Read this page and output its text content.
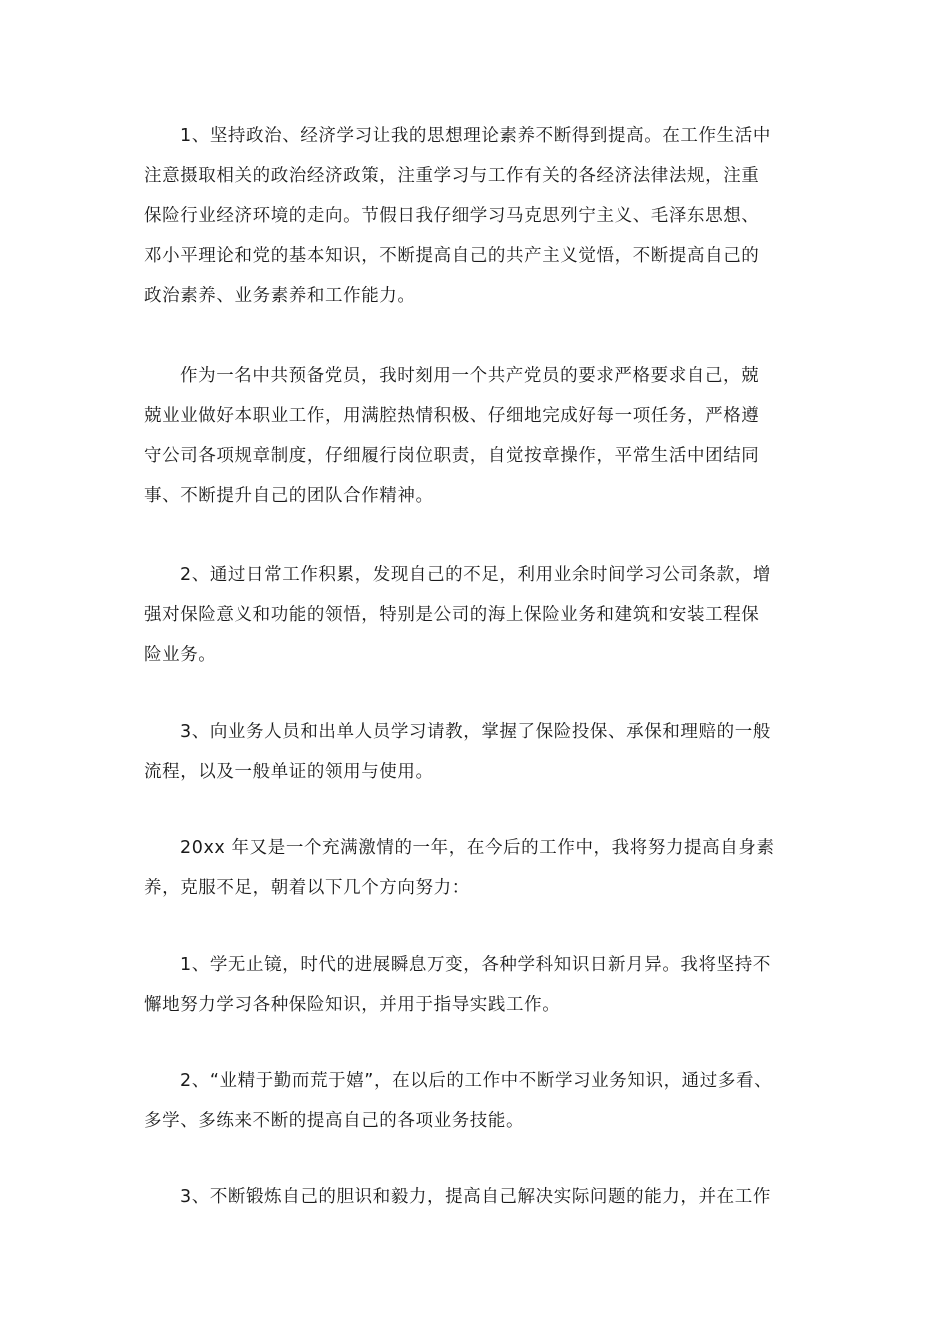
1、坚持政治、经济学习让我的思想理论素养不断得到提高。在工作生活中
注意摄取相关的政治经济政策，注重学习与工作有关的各经济法律法规，注重
保险行业经济环境的走向。节假日我仔细学习马克思列宁主义、毛泽东思想、
邓小平理论和党的基本知识，不断提高自己的共产主义觉悟，不断提高自己的
政治素养、业务素养和工作能力。
作为一名中共预备党员，我时刻用一个共产党员的要求严格要求自己，兢
兢业业做好本职业工作，用满腔热情积极、仔细地完成好每一项任务，严格遵
守公司各项规章制度，仔细履行岗位职责，自觉按章操作，平常生活中团结同
事、不断提升自己的团队合作精神。
2、通过日常工作积累，发现自己的不足，利用业余时间学习公司条款，增
强对保险意义和功能的领悟，特别是公司的海上保险业务和建筑和安装工程保
险业务。
3、向业务人员和出单人员学习请教，掌握了保险投保、承保和理赔的一般
流程，以及一般单证的领用与使用。
20xx 年又是一个充满激情的一年，在今后的工作中，我将努力提高自身素
养，克服不足，朝着以下几个方向努力：
1、学无止镜，时代的进展瞬息万变，各种学科知识日新月异。我将坚持不
懈地努力学习各种保险知识，并用于指导实践工作。
2、“业精于勤而荒于嬉”，在以后的工作中不断学习业务知识，通过多看、
多学、多练来不断的提高自己的各项业务技能。
3、不断锻炼自己的胆识和毅力，提高自己解决实际问题的能力，并在工作
